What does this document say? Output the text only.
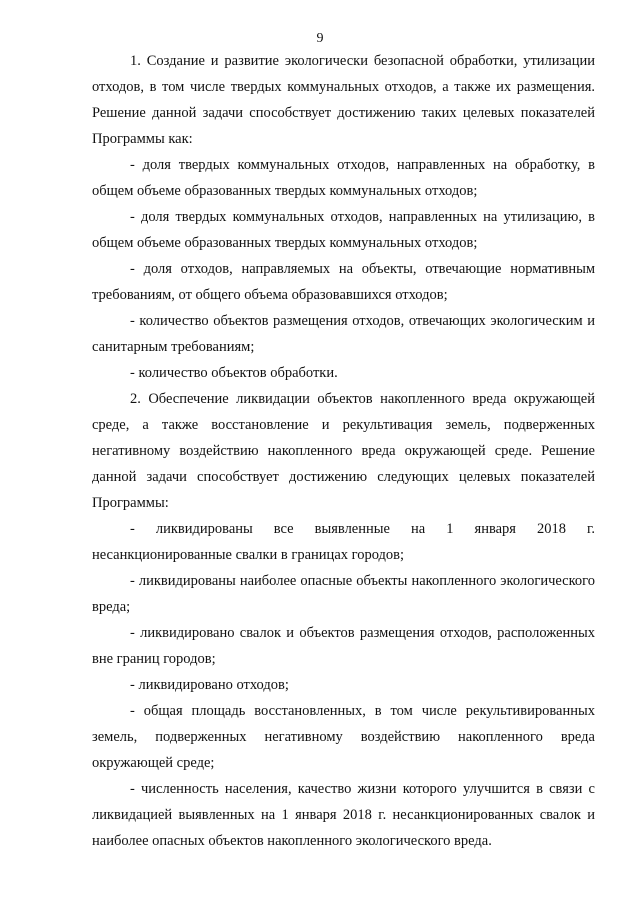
9

1. Создание и развитие экологически безопасной обработки, утилизации отходов, в том числе твердых коммунальных отходов, а также их размещения. Решение данной задачи способствует достижению таких целевых показателей Программы как:

- доля твердых коммунальных отходов, направленных на обработку, в общем объеме образованных твердых коммунальных отходов;

- доля твердых коммунальных отходов, направленных на утилизацию, в общем объеме образованных твердых коммунальных отходов;

- доля отходов, направляемых на объекты, отвечающие нормативным требованиям, от общего объема образовавшихся отходов;

- количество объектов размещения отходов, отвечающих экологическим и санитарным требованиям;

- количество объектов обработки.

2. Обеспечение ликвидации объектов накопленного вреда окружающей среде, а также восстановление и рекультивация земель, подверженных негативному воздействию накопленного вреда окружающей среде. Решение данной задачи способствует достижению следующих целевых показателей Программы:

- ликвидированы все выявленные на 1 января 2018 г. несанкционированные свалки в границах городов;

- ликвидированы наиболее опасные объекты накопленного экологического вреда;

- ликвидировано свалок и объектов размещения отходов, расположенных вне границ городов;

- ликвидировано отходов;

- общая площадь восстановленных, в том числе рекультивированных земель, подверженных негативному воздействию накопленного вреда окружающей среде;

- численность населения, качество жизни которого улучшится в связи с ликвидацией выявленных на 1 января 2018 г. несанкционированных свалок и наиболее опасных объектов накопленного экологического вреда.
